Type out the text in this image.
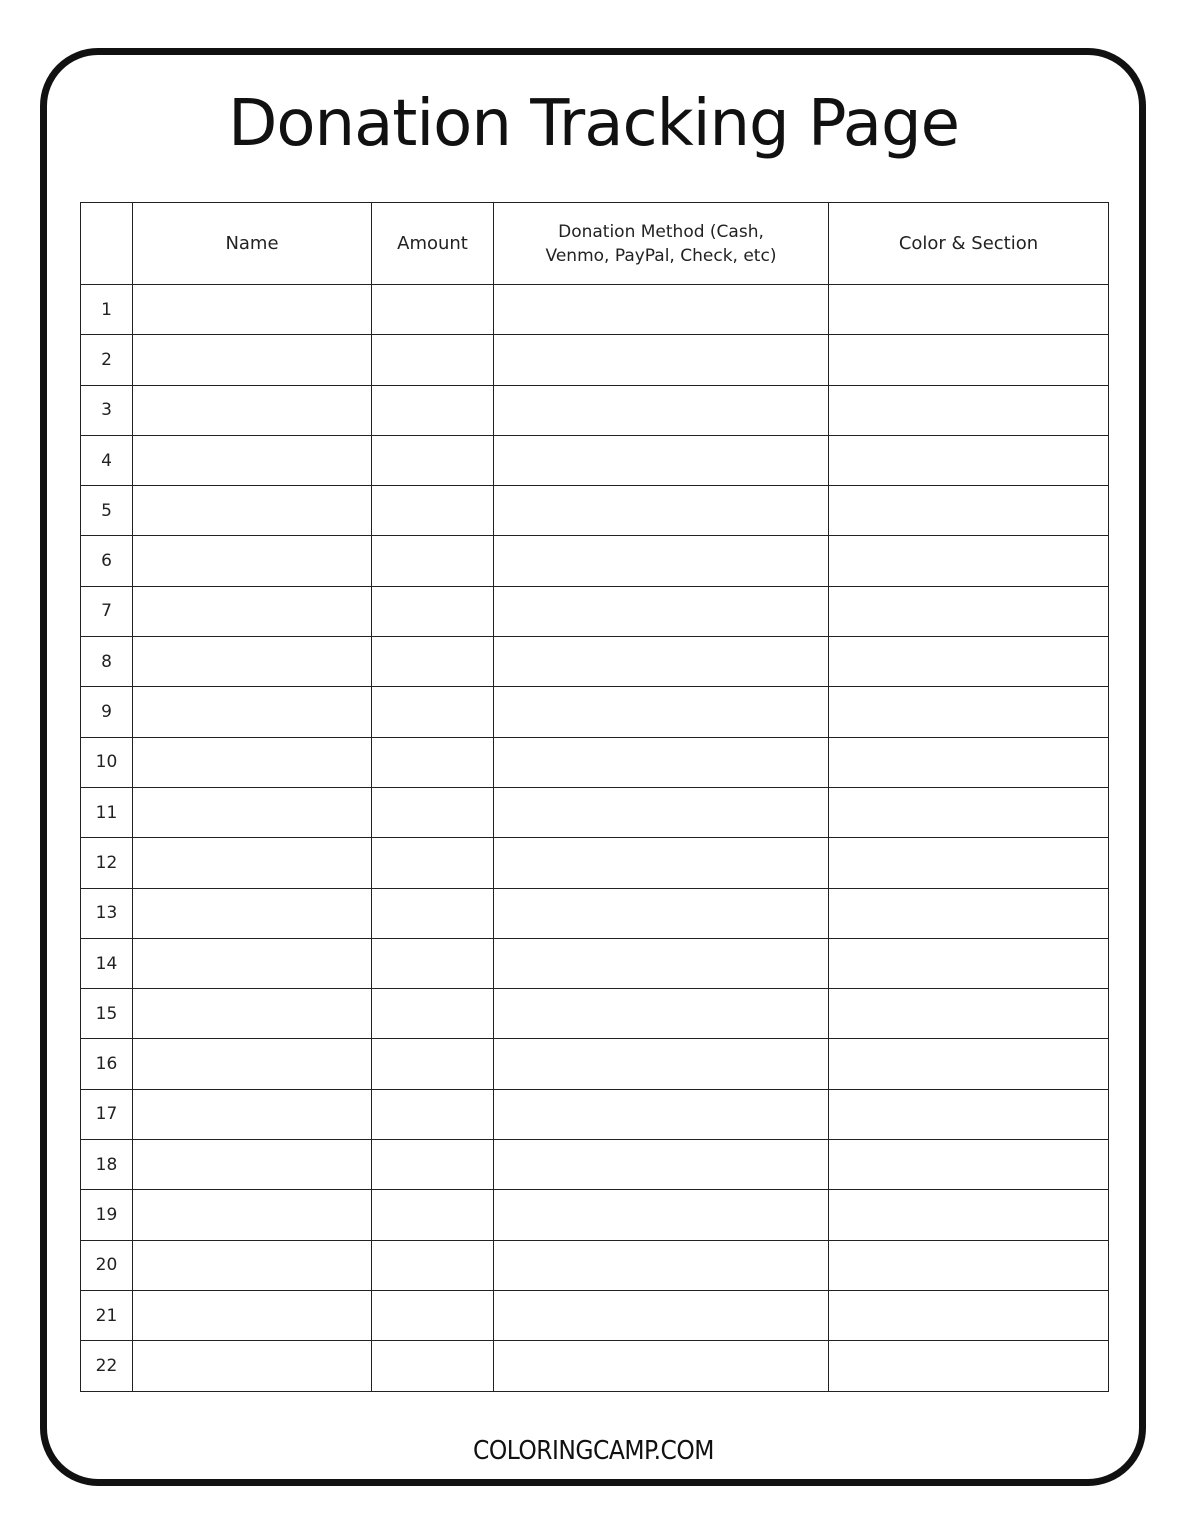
Donation Tracking Page
	Name	Amount	Donation Method (Cash, Venmo, PayPal, Check, etc)	Color & Section
1				
2				
3				
4				
5				
6				
7				
8				
9				
10				
11				
12				
13				
14				
15				
16				
17				
18				
19				
20				
21				
22				

COLORINGCAMP.COM
